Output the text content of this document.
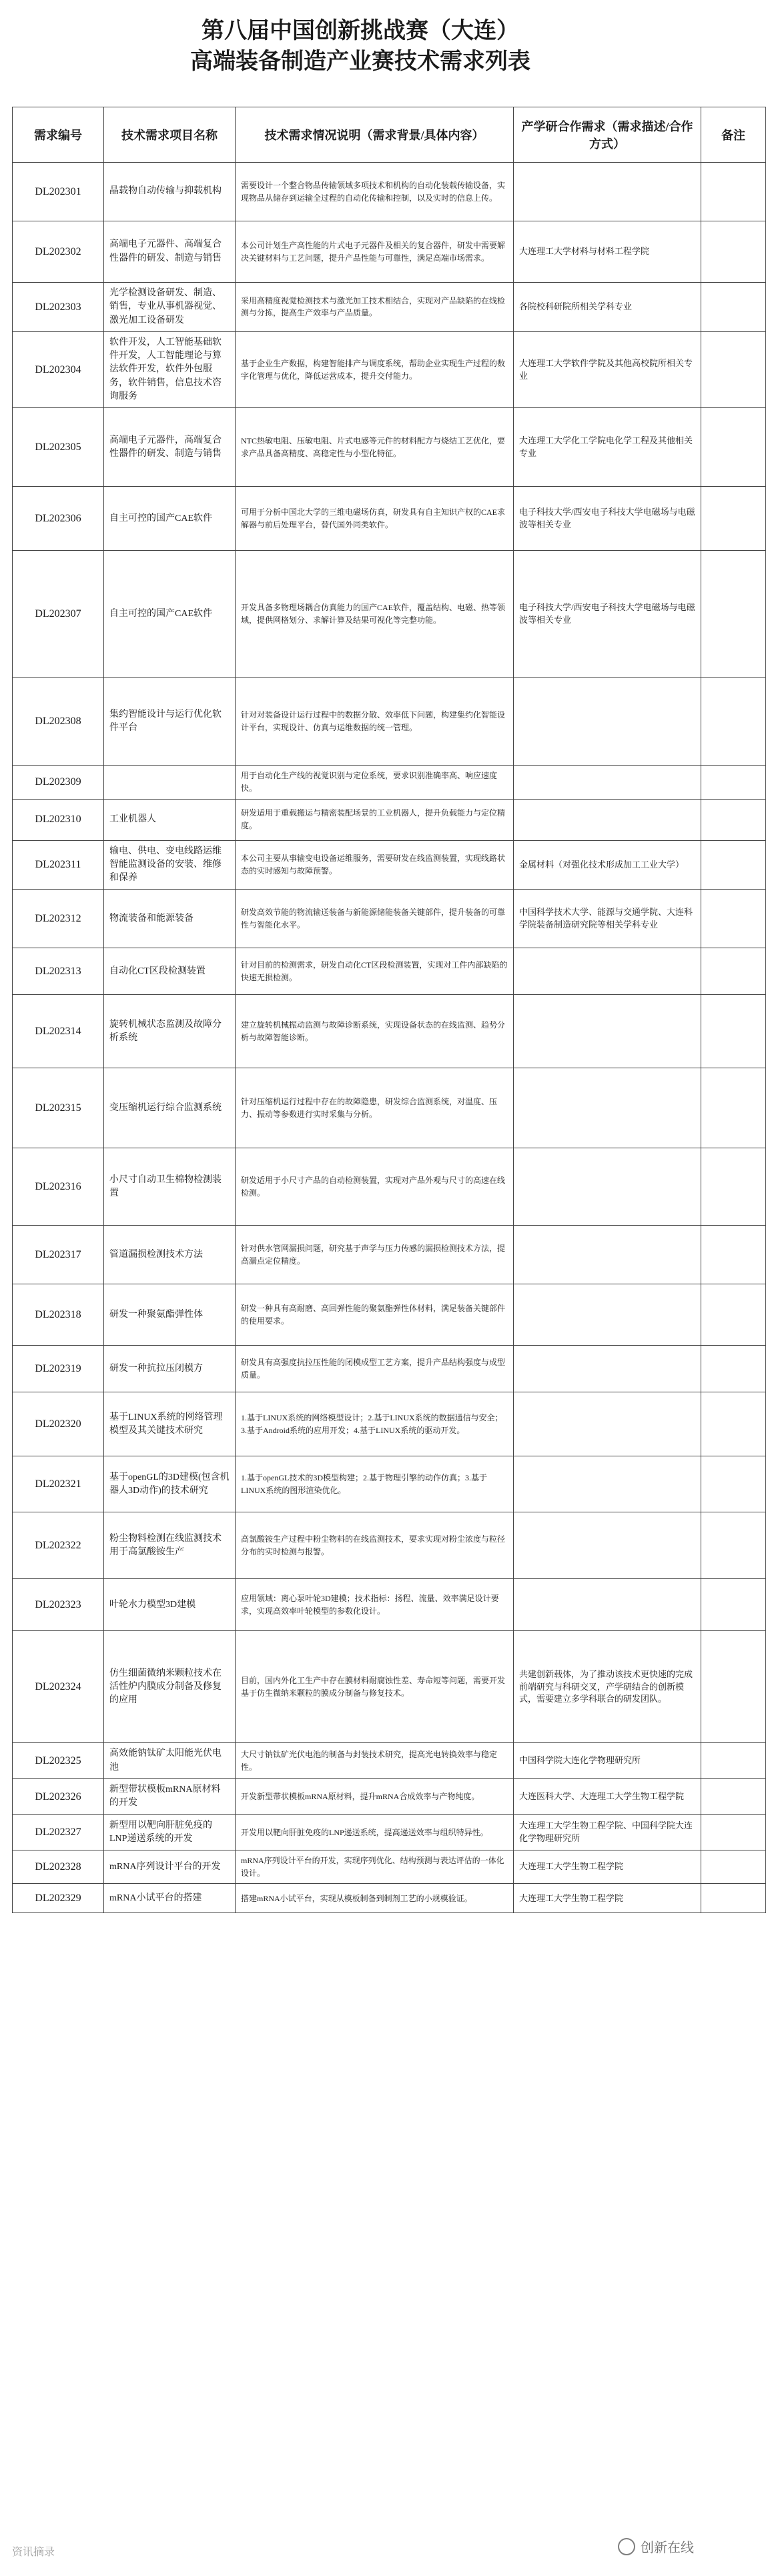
第八届中国创新挑战赛（大连）
高端装备制造产业赛技术需求列表
需求编号	技术需求项目名称	技术需求情况说明（需求背景/具体内容）	产学研合作需求（需求描述/合作方式）	备注
DL202301	晶载物自动传输与抑载机构	需要设计一个整合物品传输领域多项技术和机构的自动化装载传输设备，实现物品从储存到运输全过程的自动化传输和控制，以及实时的信息上传。		
DL202302	高端电子元器件、高端复合性器件的研发、制造与销售	本公司计划生产高性能的片式电子元器件及相关的复合器件，研发中需要解决关键材料与工艺问题，提升产品性能与可靠性，满足高端市场需求。	大连理工大学材料与材料工程学院	
DL202303	光学检测设备研发、制造、销售，专业从事机器视觉、激光加工设备研发	采用高精度视觉检测技术与激光加工技术相结合，实现对产品缺陷的在线检测与分拣，提高生产效率与产品质量。	各院校科研院所相关学科专业	
DL202304	软件开发，人工智能基础软件开发，人工智能理论与算法软件开发，软件外包服务，软件销售，信息技术咨询服务	基于企业生产数据，构建智能排产与调度系统，帮助企业实现生产过程的数字化管理与优化，降低运营成本，提升交付能力。	大连理工大学软件学院及其他高校院所相关专业	
DL202305	高端电子元器件，高端复合性器件的研发、制造与销售	NTC热敏电阻、压敏电阻、片式电感等元件的材料配方与烧结工艺优化，要求产品具备高精度、高稳定性与小型化特征。	大连理工大学化工学院电化学工程及其他相关专业	
DL202306	自主可控的国产CAE软件	可用于分析中国北大学的三维电磁场仿真，研发具有自主知识产权的CAE求解器与前后处理平台，替代国外同类软件。	电子科技大学/西安电子科技大学电磁场与电磁波等相关专业	
DL202307	自主可控的国产CAE软件	开发具备多物理场耦合仿真能力的国产CAE软件，覆盖结构、电磁、热等领域，提供网格划分、求解计算及结果可视化等完整功能。	电子科技大学/西安电子科技大学电磁场与电磁波等相关专业	
DL202308	集约智能设计与运行优化软件平台	针对对装备设计运行过程中的数据分散、效率低下问题，构建集约化智能设计平台，实现设计、仿真与运维数据的统一管理。		
DL202309		用于自动化生产线的视觉识别与定位系统，要求识别准确率高、响应速度快。		
DL202310	工业机器人	研发适用于重载搬运与精密装配场景的工业机器人，提升负载能力与定位精度。		
DL202311	输电、供电、变电线路运维智能监测设备的安装、维修和保养	本公司主要从事输变电设备运维服务，需要研发在线监测装置，实现线路状态的实时感知与故障预警。	金属材料（对强化技术形成加工工业大学）	
DL202312	物流装备和能源装备	研发高效节能的物流输送装备与新能源储能装备关键部件，提升装备的可靠性与智能化水平。	中国科学技术大学、能源与交通学院、大连科学院装备制造研究院等相关学科专业	
DL202313	自动化CT区段检测装置	针对目前的检测需求，研发自动化CT区段检测装置，实现对工件内部缺陷的快速无损检测。		
DL202314	旋转机械状态监测及故障分析系统	建立旋转机械振动监测与故障诊断系统，实现设备状态的在线监测、趋势分析与故障智能诊断。		
DL202315	变压缩机运行综合监测系统	针对压缩机运行过程中存在的故障隐患，研发综合监测系统，对温度、压力、振动等参数进行实时采集与分析。		
DL202316	小尺寸自动卫生棉物检测装置	研发适用于小尺寸产品的自动检测装置，实现对产品外观与尺寸的高速在线检测。		
DL202317	管道漏损检测技术方法	针对供水管网漏损问题，研究基于声学与压力传感的漏损检测技术方法，提高漏点定位精度。		
DL202318	研发一种聚氨酯弹性体	研发一种具有高耐磨、高回弹性能的聚氨酯弹性体材料，满足装备关键部件的使用要求。		
DL202319	研发一种抗拉压闭模方	研发具有高强度抗拉压性能的闭模成型工艺方案，提升产品结构强度与成型质量。		
DL202320	基于LINUX系统的网络管理模型及其关键技术研究	1.基于LINUX系统的网络模型设计；2.基于LINUX系统的数据通信与安全；3.基于Android系统的应用开发；4.基于LINUX系统的驱动开发。		
DL202321	基于openGL的3D建模(包含机器人3D动作)的技术研究	1.基于openGL技术的3D模型构建；2.基于物理引擎的动作仿真；3.基于LINUX系统的图形渲染优化。		
DL202322	粉尘物料检测在线监测技术用于高氯酸铵生产	高氯酸铵生产过程中粉尘物料的在线监测技术，要求实现对粉尘浓度与粒径分布的实时检测与报警。		
DL202323	叶轮水力模型3D建模	应用领域：离心泵叶轮3D建模；技术指标：扬程、流量、效率满足设计要求，实现高效率叶轮模型的参数化设计。		
DL202324	仿生细菌微纳米颗粒技术在活性炉内膜成分制备及修复的应用	目前，国内外化工生产中存在膜材料耐腐蚀性差、寿命短等问题，需要开发基于仿生微纳米颗粒的膜成分制备与修复技术。	共建创新载体，为了推动该技术更快速的完成前端研究与科研交叉，产学研结合的创新模式，需要建立多学科联合的研发团队。	
DL202325	高效能钠钛矿太阳能光伏电池	大尺寸钠钛矿光伏电池的制备与封装技术研究，提高光电转换效率与稳定性。	中国科学院大连化学物理研究所	
DL202326	新型带状模板mRNA原材料的开发	开发新型带状模板mRNA原材料，提升mRNA合成效率与产物纯度。	大连医科大学、大连理工大学生物工程学院	
DL202327	新型用以靶向肝脏免疫的LNP递送系统的开发	开发用以靶向肝脏免疫的LNP递送系统，提高递送效率与组织特异性。	大连理工大学生物工程学院、中国科学院大连化学物理研究所	
DL202328	mRNA序列设计平台的开发	mRNA序列设计平台的开发，实现序列优化、结构预测与表达评估的一体化设计。	大连理工大学生物工程学院	
DL202329	mRNA小试平台的搭建	搭建mRNA小试平台，实现从模板制备到制剂工艺的小规模验证。	大连理工大学生物工程学院	
资讯摘录	创新在线
